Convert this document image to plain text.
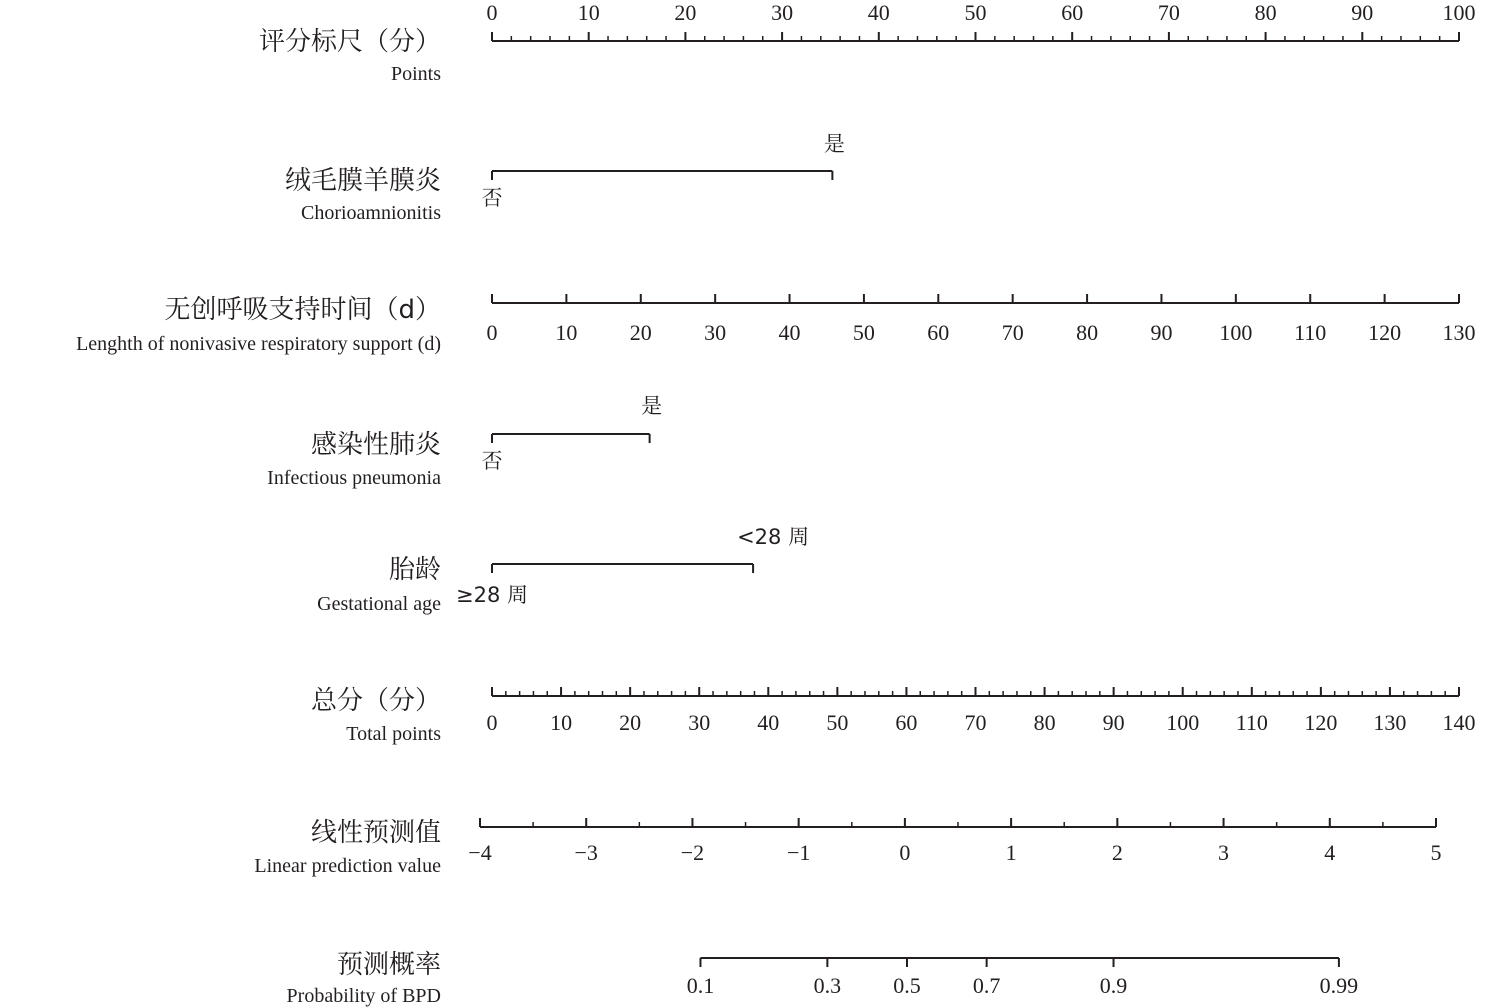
评分标尺（分）
Points
0	10	20	30	40	50	60	70	80	90	100
绒毛膜羊膜炎
Chorioamnionitis
否
是
无创呼吸支持时间（d）
Lenghth of nonivasive respiratory support (d) 0	10 20 30 40 50 60 70 80 90 100 110 120 130
感染性肺炎
Infectious pneumonia
否
是
胎龄
Gestational age ≥28 周
<28 周
总分（分）
Total points 0 10 20 30 40 50 60 70 80 90 100 110 120 130 140
线性预测值
Linear prediction value
−4	−3	−2	−1	0	1	2	3	4	5
预测概率
Probability of BPD	0.1	0.3 0.5 0.7	0.9	0.99
